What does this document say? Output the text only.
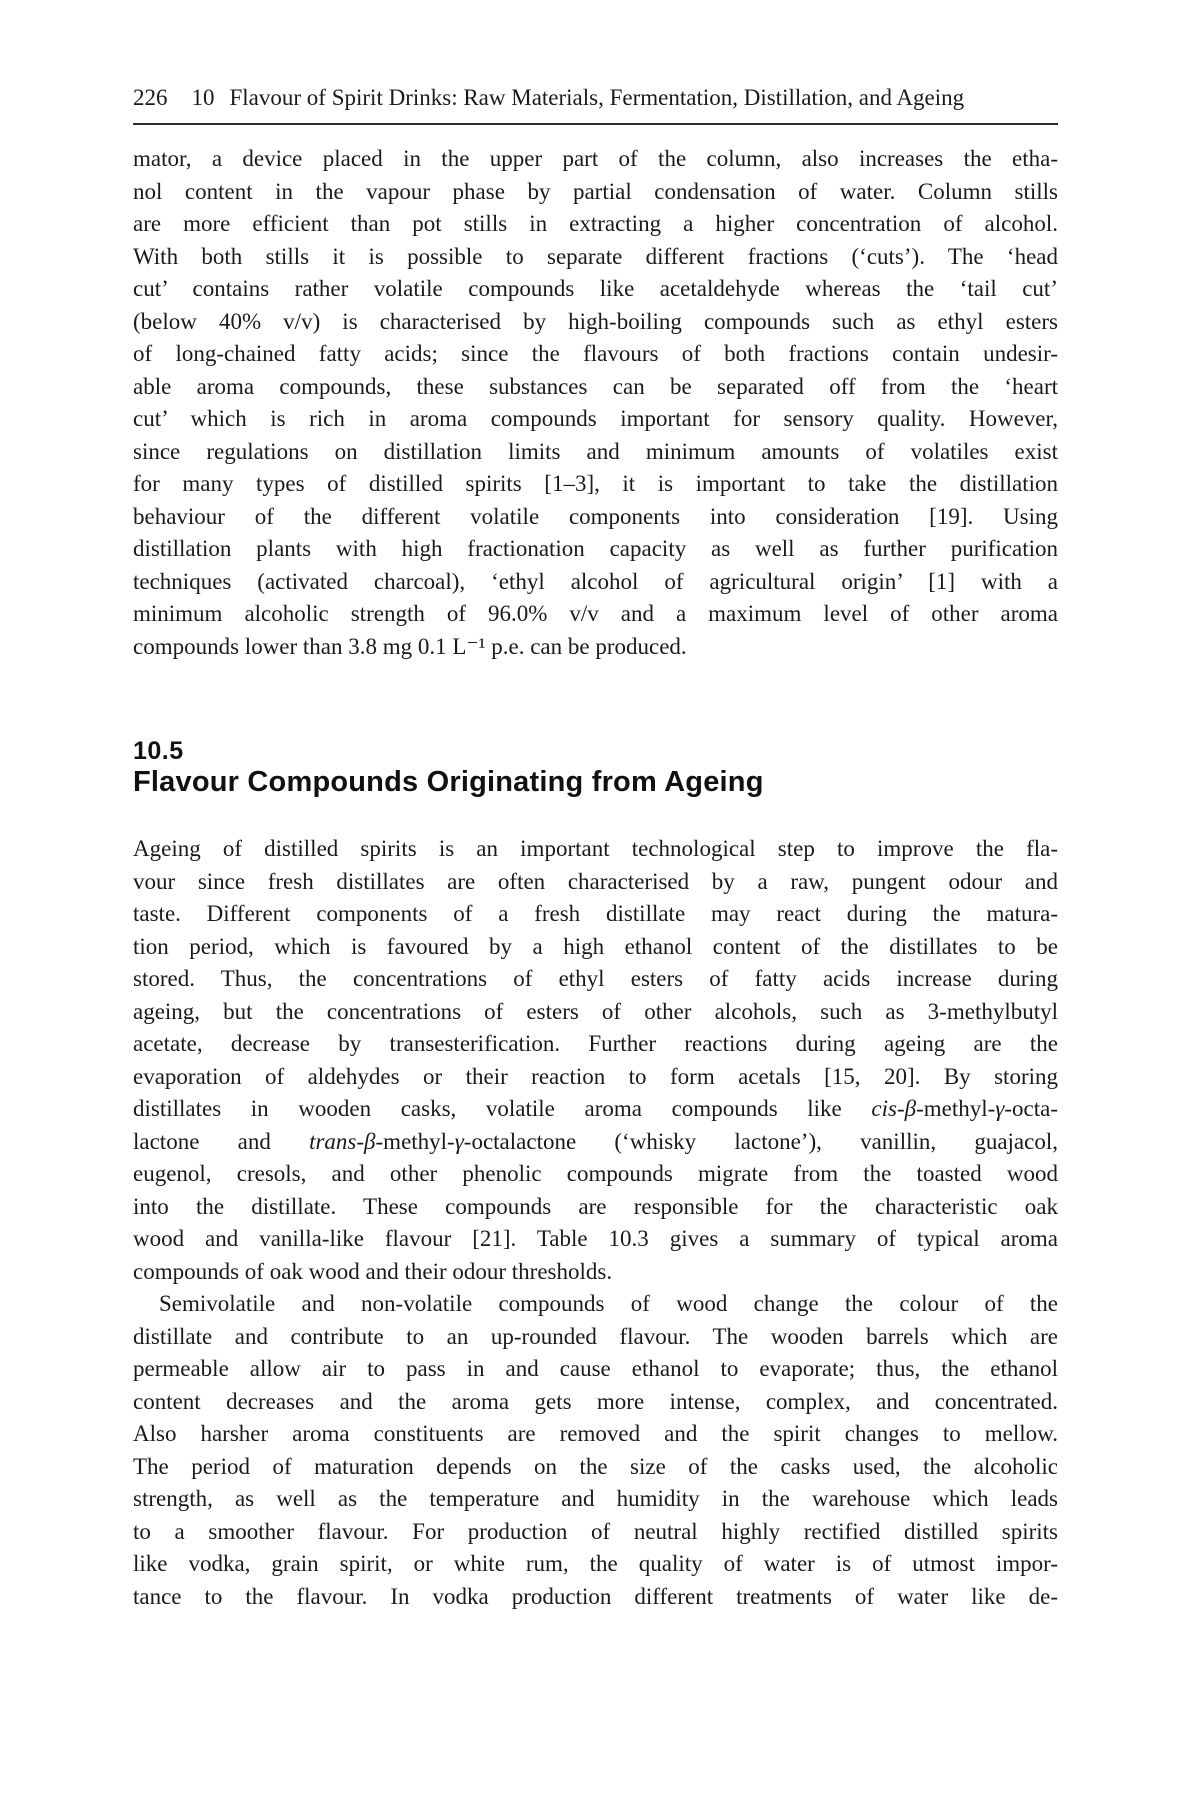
226 10 Flavour of Spirit Drinks: Raw Materials, Fermentation, Distillation, and Ageing
mator, a device placed in the upper part of the column, also increases the etha-
nol content in the vapour phase by partial condensation of water. Column stills
are more efficient than pot stills in extracting a higher concentration of alcohol.
With both stills it is possible to separate different fractions (‘cuts’). The ‘head
cut’ contains rather volatile compounds like acetaldehyde whereas the ‘tail cut’
(below 40% v/v) is characterised by high-boiling compounds such as ethyl esters
of long-chained fatty acids; since the flavours of both fractions contain undesir-
able aroma compounds, these substances can be separated off from the ‘heart
cut’ which is rich in aroma compounds important for sensory quality. However,
since regulations on distillation limits and minimum amounts of volatiles exist
for many types of distilled spirits [1–3], it is important to take the distillation
behaviour of the different volatile components into consideration [19]. Using
distillation plants with high fractionation capacity as well as further purification
techniques (activated charcoal), ‘ethyl alcohol of agricultural origin’ [1] with a
minimum alcoholic strength of 96.0% v/v and a maximum level of other aroma
compounds lower than 3.8 mg 0.1 L⁻¹ p.e. can be produced.
10.5
Flavour Compounds Originating from Ageing
Ageing of distilled spirits is an important technological step to improve the fla-
vour since fresh distillates are often characterised by a raw, pungent odour and
taste. Different components of a fresh distillate may react during the matura-
tion period, which is favoured by a high ethanol content of the distillates to be
stored. Thus, the concentrations of ethyl esters of fatty acids increase during
ageing, but the concentrations of esters of other alcohols, such as 3-methylbutyl
acetate, decrease by transesterification. Further reactions during ageing are the
evaporation of aldehydes or their reaction to form acetals [15, 20]. By storing
distillates in wooden casks, volatile aroma compounds like cis-β-methyl-γ-octa-
lactone and trans-β-methyl-γ-octalactone (‘whisky lactone’), vanillin, guajacol,
eugenol, cresols, and other phenolic compounds migrate from the toasted wood
into the distillate. These compounds are responsible for the characteristic oak
wood and vanilla-like flavour [21]. Table 10.3 gives a summary of typical aroma
compounds of oak wood and their odour thresholds.
Semivolatile and non-volatile compounds of wood change the colour of the
distillate and contribute to an up-rounded flavour. The wooden barrels which are
permeable allow air to pass in and cause ethanol to evaporate; thus, the ethanol
content decreases and the aroma gets more intense, complex, and concentrated.
Also harsher aroma constituents are removed and the spirit changes to mellow.
The period of maturation depends on the size of the casks used, the alcoholic
strength, as well as the temperature and humidity in the warehouse which leads
to a smoother flavour. For production of neutral highly rectified distilled spirits
like vodka, grain spirit, or white rum, the quality of water is of utmost impor-
tance to the flavour. In vodka production different treatments of water like de-
